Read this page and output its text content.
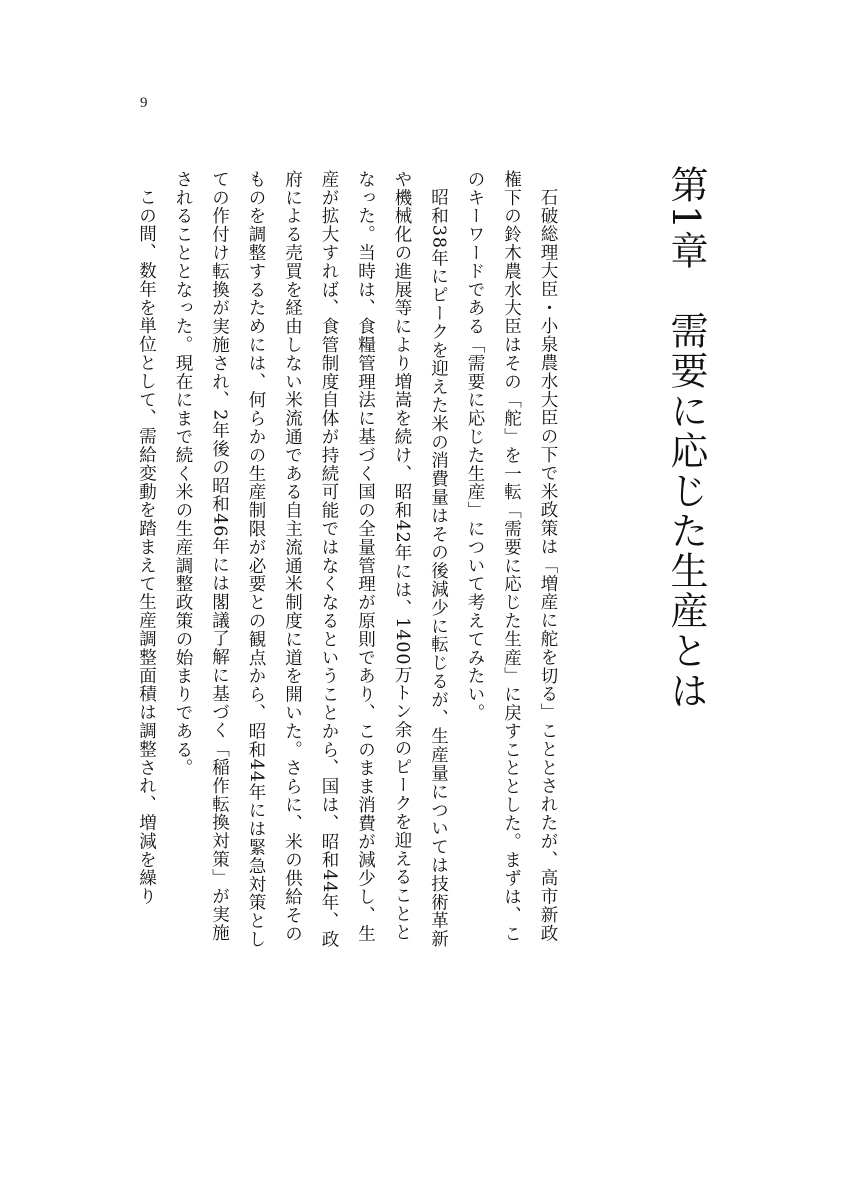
9
第1章需要に応じた生産とは

石破総理大臣・小泉農水大臣の下で米政策は「増産に舵を切る」こととされたが、高市新政権下の鈴木農水大臣はその「舵」を一転「需要に応じた生産」に戻すこととした。まずは、このキーワードである「需要に応じた生産」について考えてみたい。

昭和38年にピークを迎えた米の消費量はその後減少に転じるが、生産量については技術革新や機械化の進展等により増嵩を続け、昭和42年には、1400万トン余のピークを迎えることとなった。当時は、食糧管理法に基づく国の全量管理が原則であり、このまま消費が減少し、生産が拡大すれば、食管制度自体が持続可能ではなくなるということから、国は、昭和44年、政府による売買を経由しない米流通である自主流通米制度に道を開いた。さらに、米の供給そのものを調整するためには、何らかの生産制限が必要との観点から、昭和44年には緊急対策としての作付け転換が実施され、2年後の昭和46年には閣議了解に基づく「稲作転換対策」が実施されることとなった。現在にまで続く米の生産調整政策の始まりである。

この間、数年を単位として、需給変動を踏まえて生産調整面積は調整され、増減を繰り
